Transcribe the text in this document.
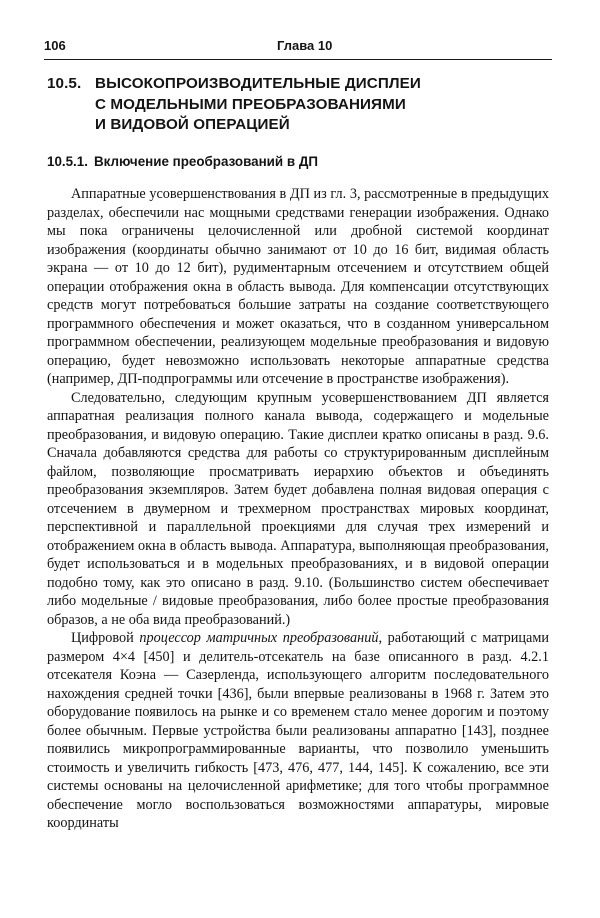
106	Глава 10
10.5. ВЫСОКОПРОИЗВОДИТЕЛЬНЫЕ ДИСПЛЕИ
С МОДЕЛЬНЫМИ ПРЕОБРАЗОВАНИЯМИ
И ВИДОВОЙ ОПЕРАЦИЕЙ
10.5.1. Включение преобразований в ДП
Аппаратные усовершенствования в ДП из гл. 3, рассмотренные в предыдущих разделах, обеспечили нас мощными средствами генерации изображения. Однако мы пока ограничены целочисленной или дробной системой координат изображения (координаты обычно занимают от 10 до 16 бит, видимая область экрана — от 10 до 12 бит), рудиментарным отсечением и отсутствием общей операции отображения окна в область вывода. Для компенсации отсутствующих средств могут потребоваться большие затраты на создание соответствующего программного обеспечения и может оказаться, что в созданном универсальном программном обеспечении, реализующем модельные преобразования и видовую операцию, будет невозможно использовать некоторые аппаратные средства (например, ДП-подпрограммы или отсечение в пространстве изображения).
Следовательно, следующим крупным усовершенствованием ДП является аппаратная реализация полного канала вывода, содержащего и модельные преобразования, и видовую операцию. Такие дисплеи кратко описаны в разд. 9.6. Сначала добавляются средства для работы со структурированным дисплейным файлом, позволяющие просматривать иерархию объектов и объединять преобразования экземпляров. Затем будет добавлена полная видовая операция с отсечением в двумерном и трехмерном пространствах мировых координат, перспективной и параллельной проекциями для случая трех измерений и отображением окна в область вывода. Аппаратура, выполняющая преобразования, будет использоваться и в модельных преобразованиях, и в видовой операции подобно тому, как это описано в разд. 9.10. (Большинство систем обеспечивает либо модельные / видовые преобразования, либо более простые преобразования образов, а не оба вида преобразований.)
Цифровой процессор матричных преобразований, работающий с матрицами размером 4×4 [450] и делитель-отсекатель на базе описанного в разд. 4.2.1 отсекателя Коэна — Сазерленда, использующего алгоритм последовательного нахождения средней точки [436], были впервые реализованы в 1968 г. Затем это оборудование появилось на рынке и со временем стало менее дорогим и поэтому более обычным. Первые устройства были реализованы аппаратно [143], позднее появились микропрограммированные варианты, что позволило уменьшить стоимость и увеличить гибкость [473, 476, 477, 144, 145]. К сожалению, все эти системы основаны на целочисленной арифметике; для того чтобы программное обеспечение могло воспользоваться возможностями аппаратуры, мировые координаты
